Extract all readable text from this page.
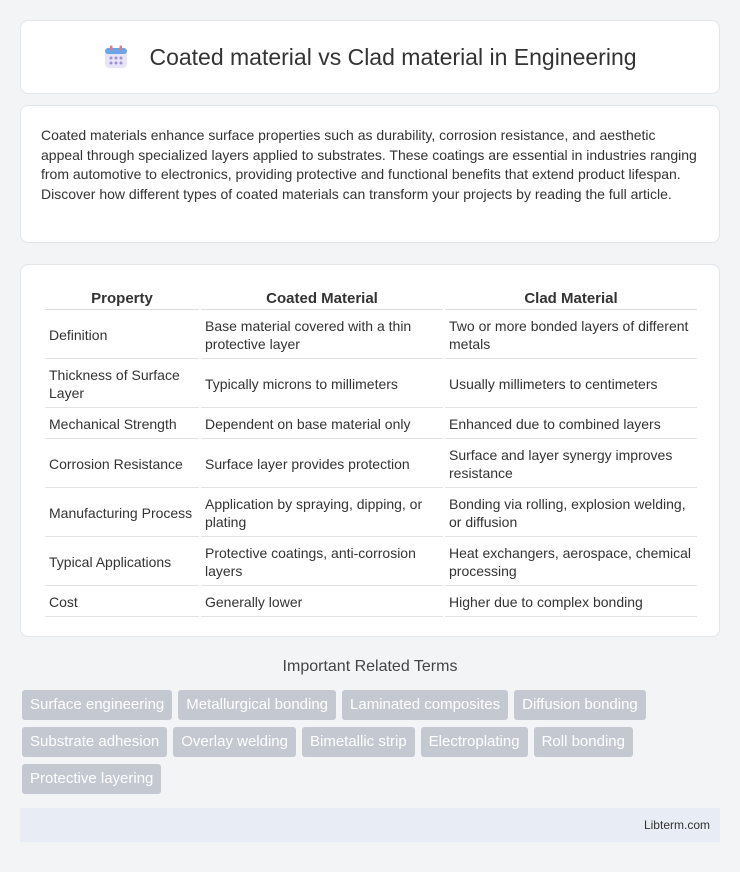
Coated material vs Clad material in Engineering

Coated materials enhance surface properties such as durability, corrosion resistance, and aesthetic appeal through specialized layers applied to substrates. These coatings are essential in industries ranging from automotive to electronics, providing protective and functional benefits that extend product lifespan. Discover how different types of coated materials can transform your projects by reading the full article.

Property	Coated Material	Clad Material
Definition	Base material covered with a thin protective layer	Two or more bonded layers of different metals
Thickness of Surface Layer	Typically microns to millimeters	Usually millimeters to centimeters
Mechanical Strength	Dependent on base material only	Enhanced due to combined layers
Corrosion Resistance	Surface layer provides protection	Surface and layer synergy improves resistance
Manufacturing Process	Application by spraying, dipping, or plating	Bonding via rolling, explosion welding, or diffusion
Typical Applications	Protective coatings, anti-corrosion layers	Heat exchangers, aerospace, chemical processing
Cost	Generally lower	Higher due to complex bonding
Important Related Terms
Surface engineering	Metallurgical bonding	Laminated composites	Diffusion bonding
Substrate adhesion	Overlay welding	Bimetallic strip	Electroplating	Roll bonding
Protective layering
Libterm.com
